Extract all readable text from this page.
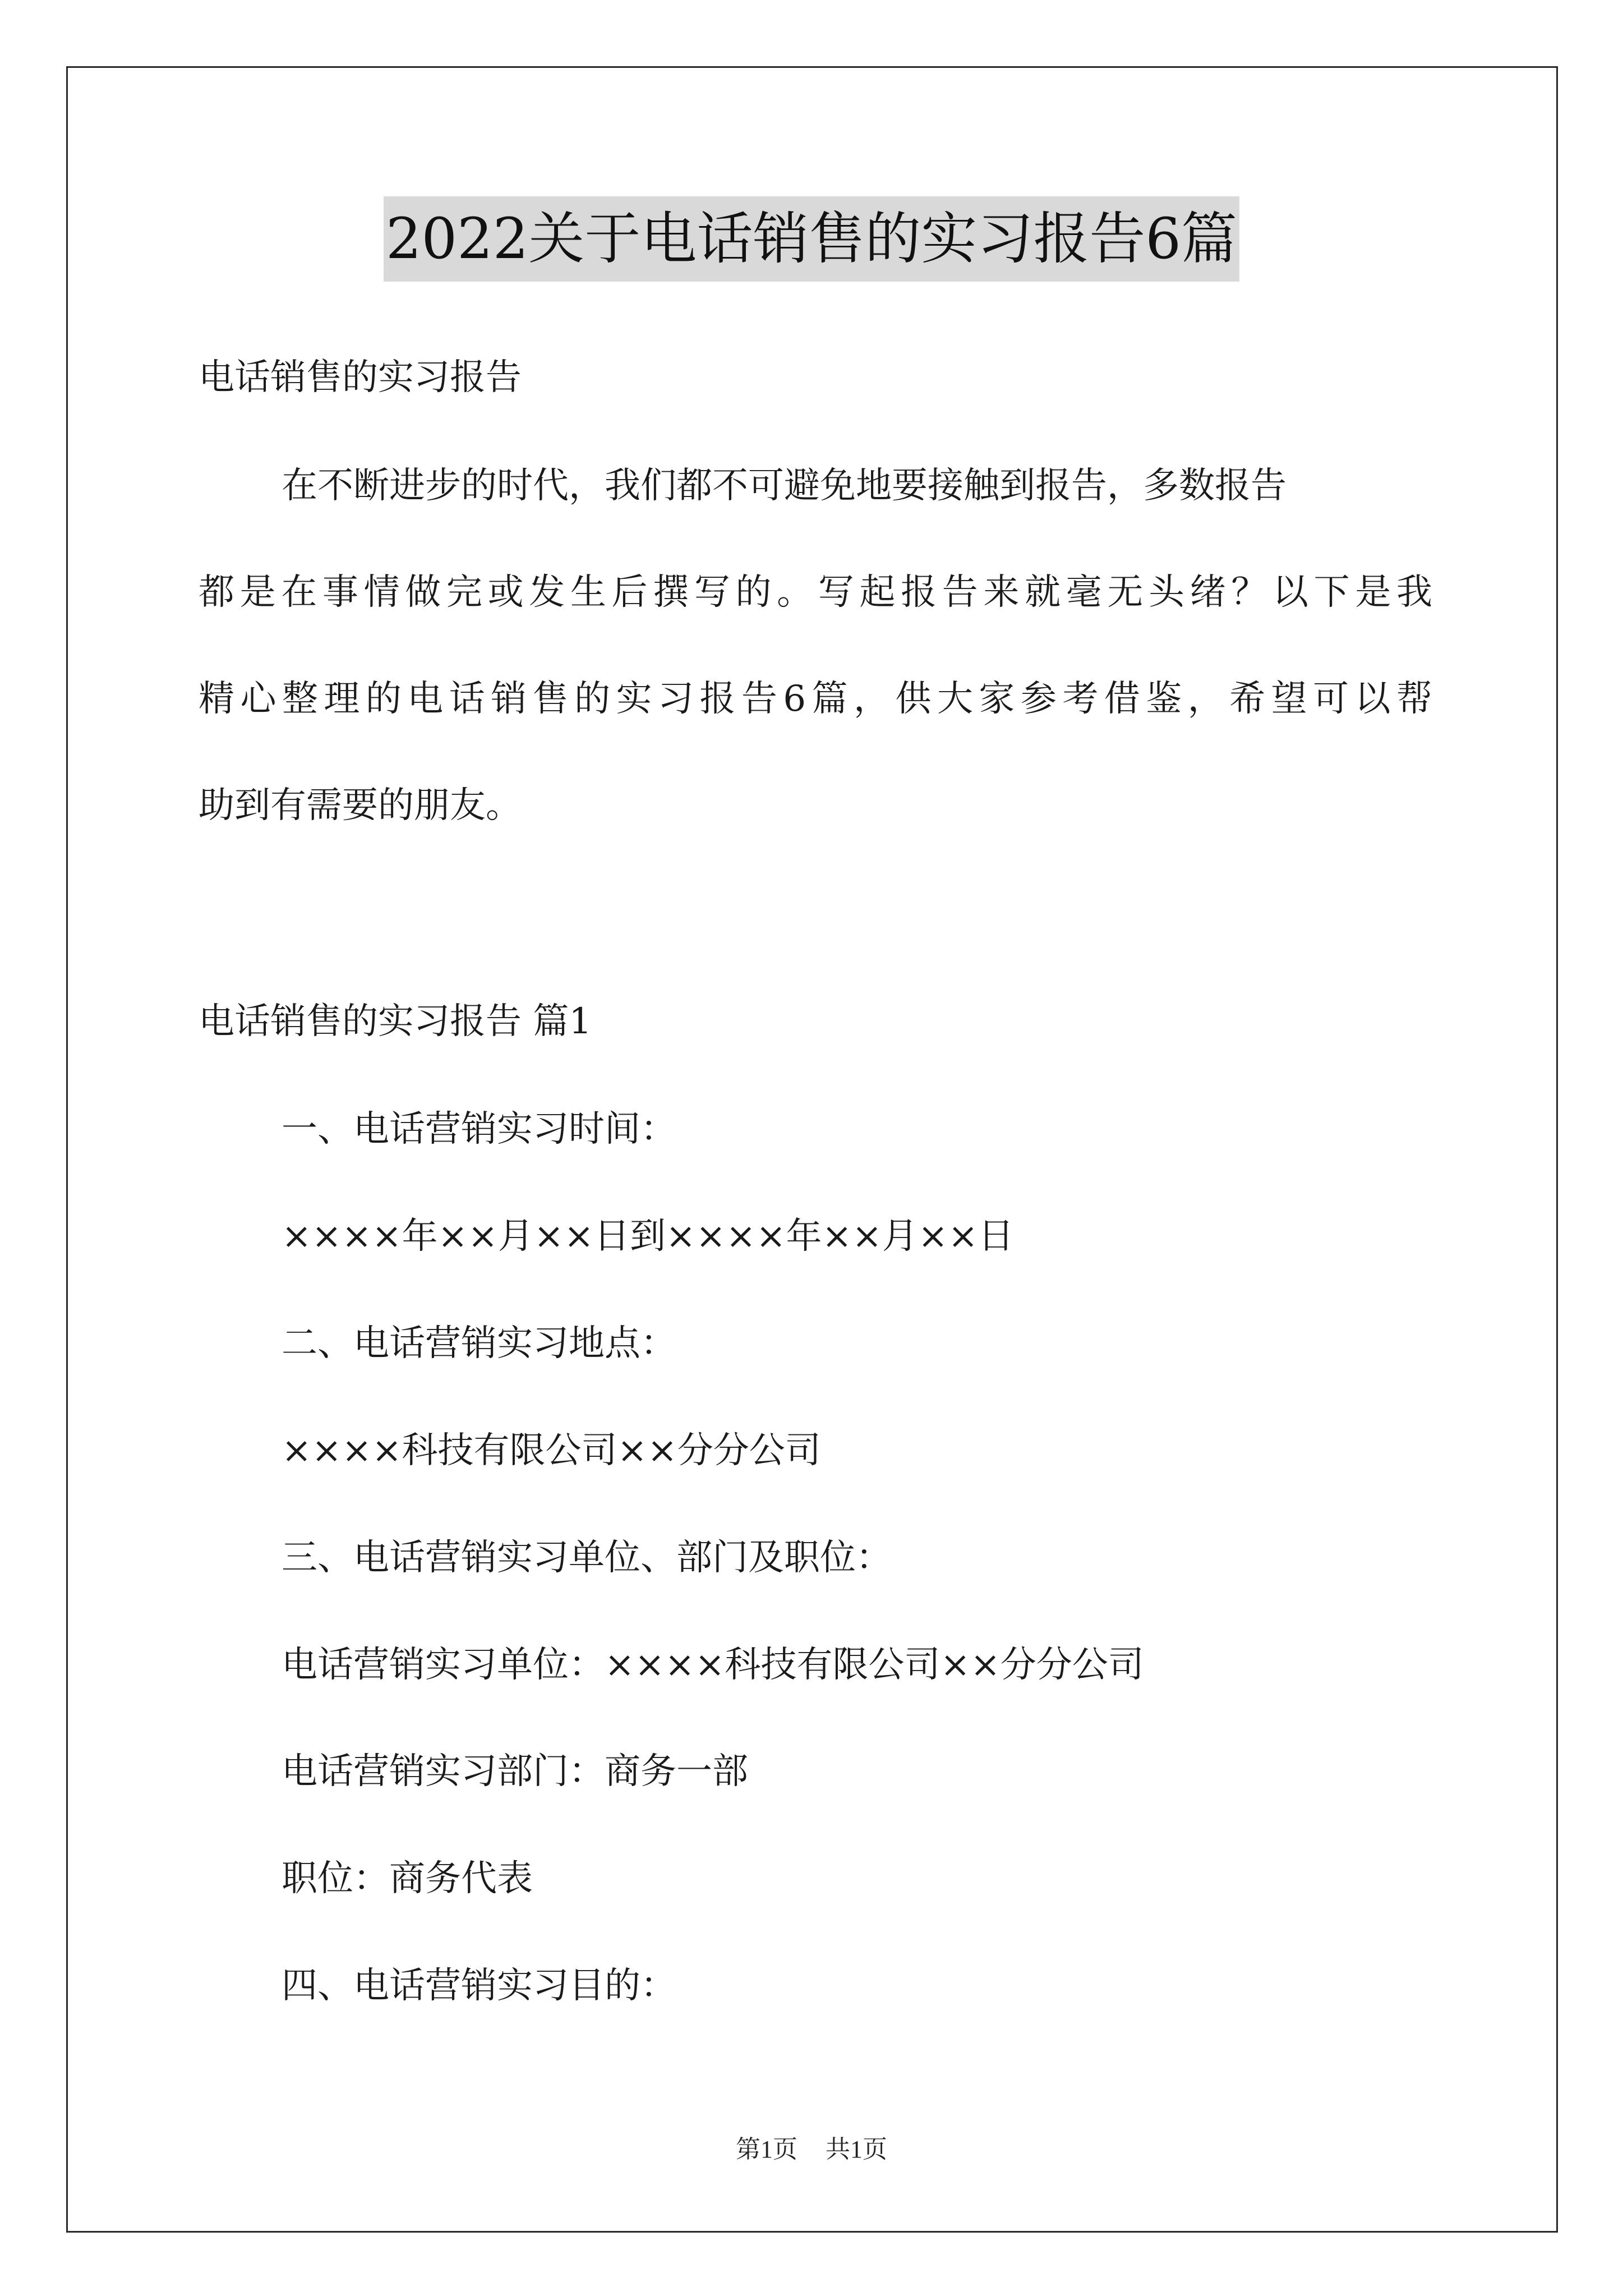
2022关于电话销售的实习报告6篇
电话销售的实习报告
在不断进步的时代，我们都不可避免地要接触到报告，多数报告
都是在事情做完或发生后撰写的。写起报告来就毫无头绪？以下是我
精心整理的电话销售的实习报告6篇，供大家参考借鉴，希望可以帮
助到有需要的朋友。
电话销售的实习报告 篇1
一、电话营销实习时间：
××××年××月××日到××××年××月××日
二、电话营销实习地点：
××××科技有限公司××分分公司
三、电话营销实习单位、部门及职位：
电话营销实习单位：××××科技有限公司××分分公司
电话营销实习部门：商务一部
职位：商务代表
四、电话营销实习目的：
第1页 共1页
